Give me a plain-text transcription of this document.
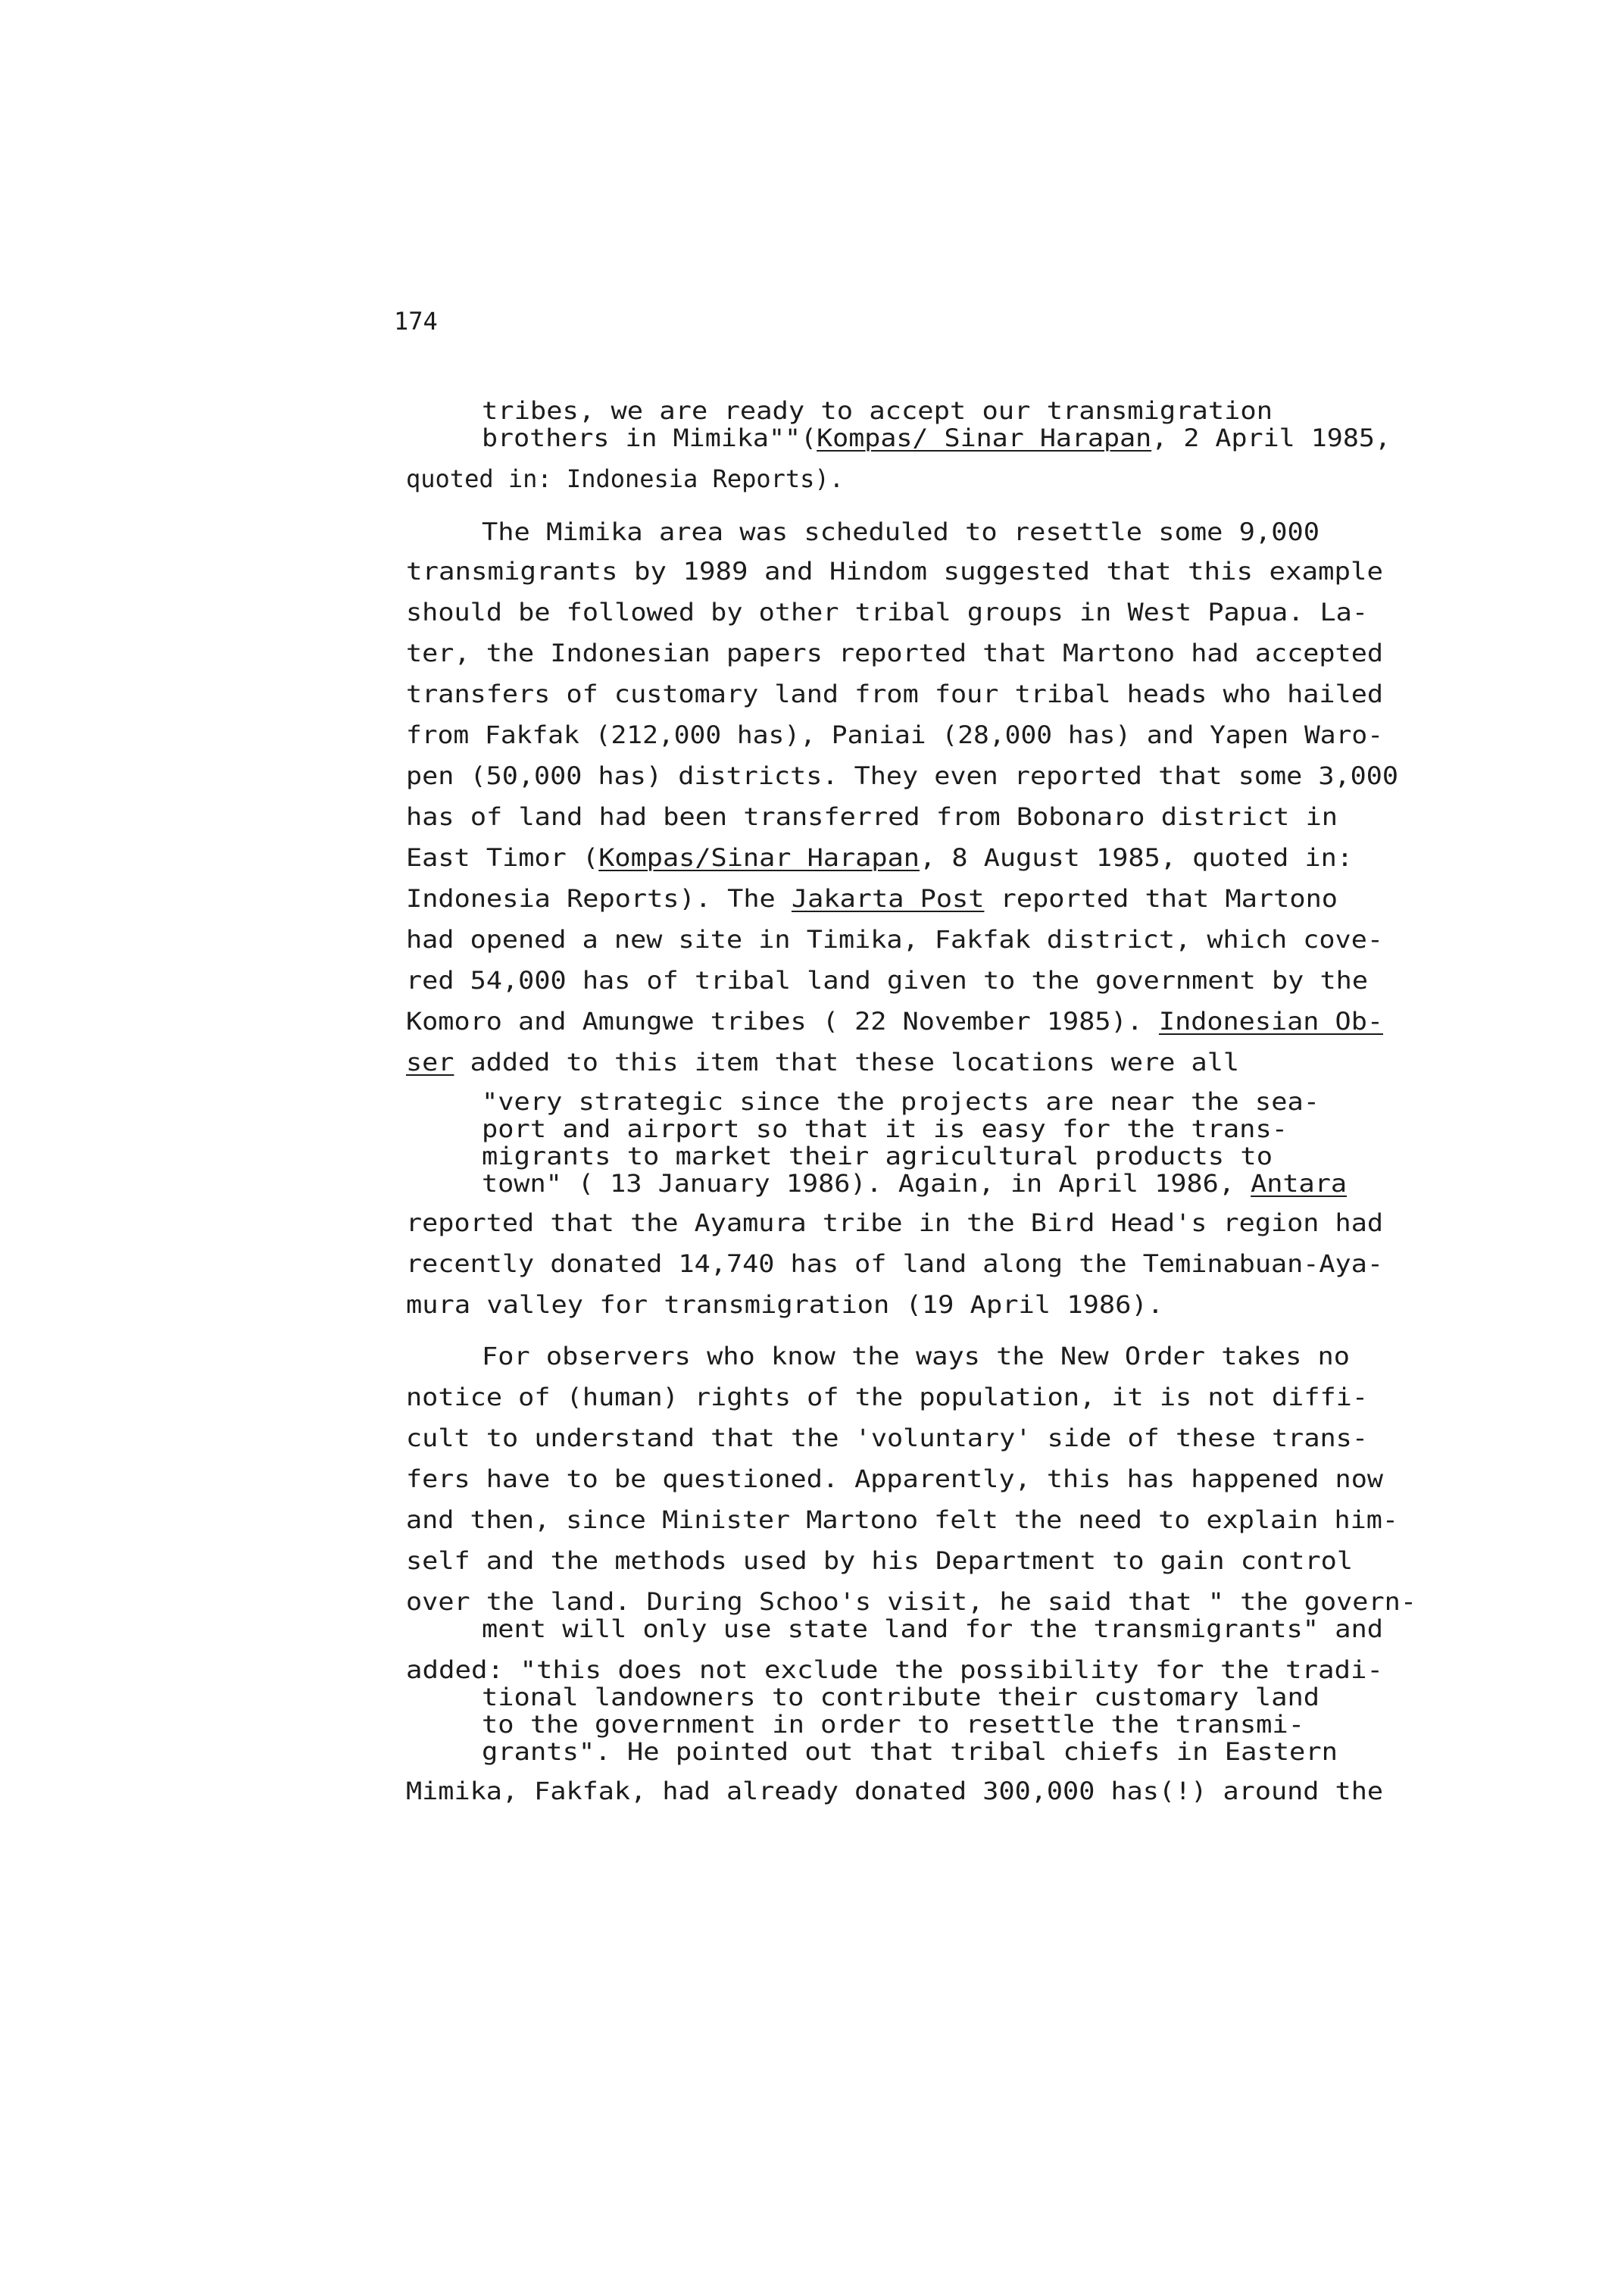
174
tribes, we are ready to accept our transmigration
brothers in Mimika""(Kompas/ Sinar Harapan, 2 April 1985,
quoted in: Indonesia Reports).
The Mimika area was scheduled to resettle some 9,000
transmigrants by 1989 and Hindom suggested that this example
should be followed by other tribal groups in West Papua. La-
ter, the Indonesian papers reported that Martono had accepted
transfers of customary land from four tribal heads who hailed
from Fakfak (212,000 has), Paniai (28,000 has) and Yapen Waro-
pen (50,000 has) districts. They even reported that some 3,000
has of land had been transferred from Bobonaro district in
East Timor (Kompas/Sinar Harapan, 8 August 1985, quoted in:
Indonesia Reports). The Jakarta Post reported that Martono
had opened a new site in Timika, Fakfak district, which cove-
red 54,000 has of tribal land given to the government by the
Komoro and Amungwe tribes ( 22 November 1985). Indonesian Ob-
ser added to this item that these locations were all
"very strategic since the projects are near the sea-
port and airport so that it is easy for the trans-
migrants to market their agricultural products to
town" ( 13 January 1986). Again, in April 1986, Antara
reported that the Ayamura tribe in the Bird Head's region had
recently donated 14,740 has of land along the Teminabuan-Aya-
mura valley for transmigration (19 April 1986).
For observers who know the ways the New Order takes no
notice of (human) rights of the population, it is not diffi-
cult to understand that the 'voluntary' side of these trans-
fers have to be questioned. Apparently, this has happened now
and then, since Minister Martono felt the need to explain him-
self and the methods used by his Department to gain control
over the land. During Schoo's visit, he said that " the govern-
ment will only use state land for the transmigrants" and
added: "this does not exclude the possibility for the tradi-
tional landowners to contribute their customary land
to the government in order to resettle the transmi-
grants". He pointed out that tribal chiefs in Eastern
Mimika, Fakfak, had already donated 300,000 has(!) around the
